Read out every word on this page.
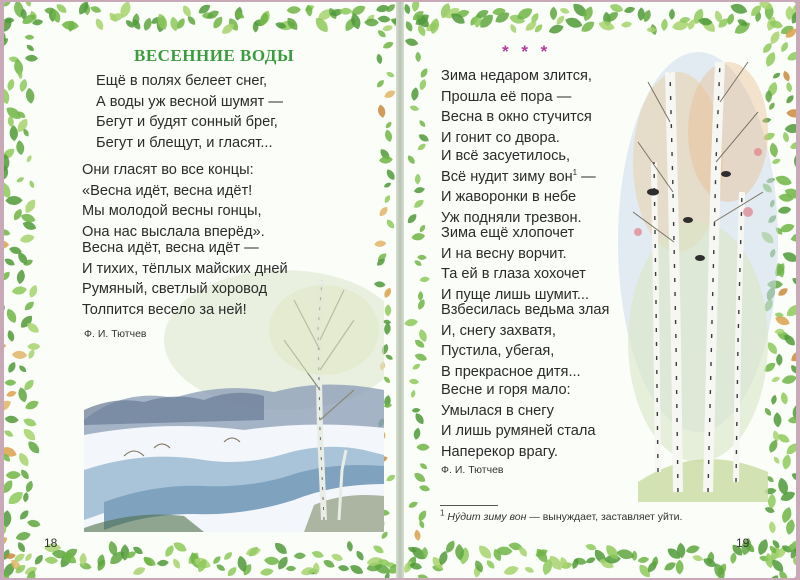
ВЕСЕННИЕ ВОДЫ
Ещё в полях белеет снег,
А воды уж весной шумят —
Бегут и будят сонный брег,
Бегут и блещут, и гласят...
Они гласят во все концы:
«Весна идёт, весна идёт!
Мы молодой весны гонцы,
Она нас выслала вперёд».
Весна идёт, весна идёт —
И тихих, тёплых майских дней
Румяный, светлый хоровод
Толпится весело за ней!
Ф. И. Тютчев
18
* * *
Зима недаром злится,
Прошла её пора —
Весна в окно стучится
И гонит со двора.
И всё засуетилось,
Всё нудит зиму вон$^1$ —
И жаворонки в небе
Уж подняли трезвон.
Зима ещё хлопочет
И на весну ворчит.
Та ей в глаза хохочет
И пуще лишь шумит...
Взбесилась ведьма злая
И, снегу захватя,
Пустила, убегая,
В прекрасное дитя...
Весне и горя мало:
Умылася в снегу
И лишь румяней стала
Наперекор врагу.
Ф. И. Тютчев
$^1$ Нýдит зиму вон — вынуждает, заставляет уйти.
19
